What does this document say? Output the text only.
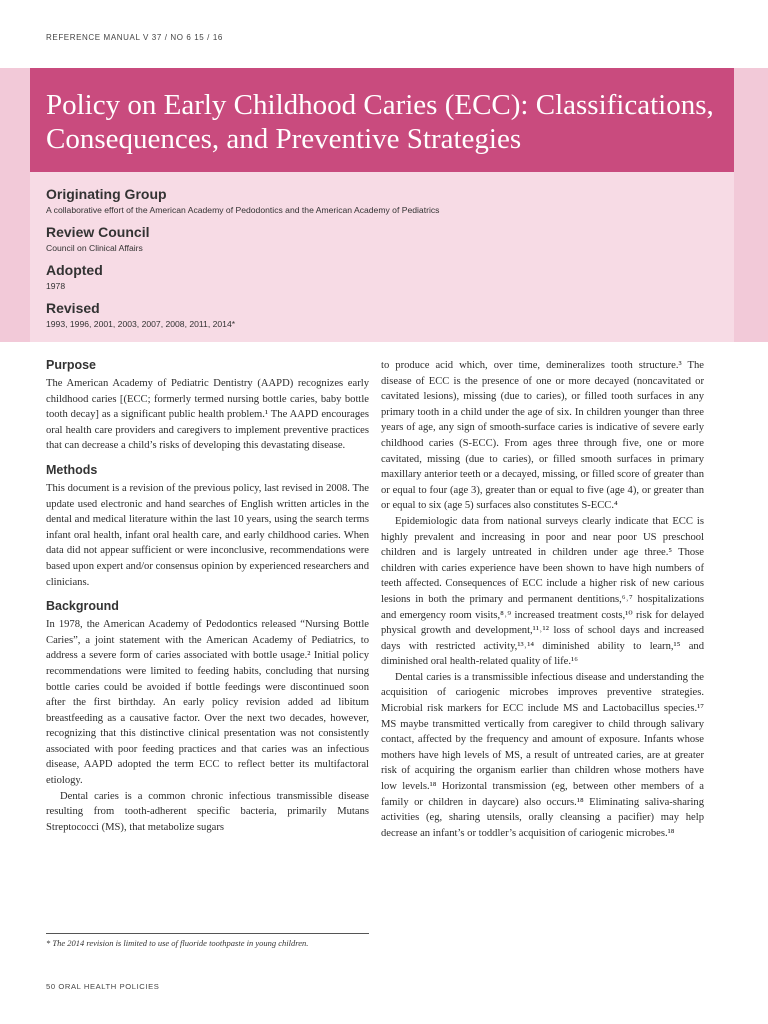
REFERENCE MANUAL V 37 / NO 6 15 / 16
Policy on Early Childhood Caries (ECC): Classifications, Consequences, and Preventive Strategies
Originating Group
A collaborative effort of the American Academy of Pedodontics and the American Academy of Pediatrics
Review Council
Council on Clinical Affairs
Adopted
1978
Revised
1993, 1996, 2001, 2003, 2007, 2008, 2011, 2014*
Purpose

The American Academy of Pediatric Dentistry (AAPD) recognizes early childhood caries [(ECC; formerly termed nursing bottle caries, baby bottle tooth decay] as a significant public health problem.¹ The AAPD encourages oral health care providers and caregivers to implement preventive practices that can decrease a child’s risks of developing this devastating disease.

Methods

This document is a revision of the previous policy, last revised in 2008. The update used electronic and hand searches of English written articles in the dental and medical literature within the last 10 years, using the search terms infant oral health, infant oral health care, and early childhood caries. When data did not appear sufficient or were inconclusive, recommendations were based upon expert and/or consensus opinion by experienced researchers and clinicians.

Background

In 1978, the American Academy of Pedodontics released “Nursing Bottle Caries”, a joint statement with the American Academy of Pediatrics, to address a severe form of caries associated with bottle usage.² Initial policy recommendations were limited to feeding habits, concluding that nursing bottle caries could be avoided if bottle feedings were discontinued soon after the first birthday. An early policy revision added ad libitum breastfeeding as a causative factor. Over the next two decades, however, recognizing that this distinctive clinical presentation was not consistently associated with poor feeding practices and that caries was an infectious disease, AAPD adopted the term ECC to reflect better its multifactoral etiology.

Dental caries is a common chronic infectious transmissible disease resulting from tooth-adherent specific bacteria, primarily Mutans Streptococci (MS), that metabolize sugars

to produce acid which, over time, demineralizes tooth structure.³ The disease of ECC is the presence of one or more decayed (noncavitated or cavitated lesions), missing (due to caries), or filled tooth surfaces in any primary tooth in a child under the age of six. In children younger than three years of age, any sign of smooth-surface caries is indicative of severe early childhood caries (S-ECC). From ages three through five, one or more cavitated, missing (due to caries), or filled smooth surfaces in primary maxillary anterior teeth or a decayed, missing, or filled score of greater than or equal to four (age 3), greater than or equal to five (age 4), or greater than or equal to six (age 5) surfaces also constitutes S-ECC.⁴

Epidemiologic data from national surveys clearly indicate that ECC is highly prevalent and increasing in poor and near poor US preschool children and is largely untreated in children under age three.⁵ Those children with caries experience have been shown to have high numbers of teeth affected. Consequences of ECC include a higher risk of new carious lesions in both the primary and permanent dentitions,⁶˒⁷ hospitalizations and emergency room visits,⁸˒⁹ increased treatment costs,¹⁰ risk for delayed physical growth and development,¹¹˒¹² loss of school days and increased days with restricted activity,¹³˒¹⁴ diminished ability to learn,¹⁵ and diminished oral health-related quality of life.¹⁶

Dental caries is a transmissible infectious disease and understanding the acquisition of cariogenic microbes improves preventive strategies. Microbial risk markers for ECC include MS and Lactobacillus species.¹⁷ MS maybe transmitted vertically from caregiver to child through salivary contact, affected by the frequency and amount of exposure. Infants whose mothers have high levels of MS, a result of untreated caries, are at greater risk of acquiring the organism earlier than children whose mothers have low levels.¹⁸ Horizontal transmission (eg, between other members of a family or children in daycare) also occurs.¹⁸ Eliminating saliva-sharing activities (eg, sharing utensils, orally cleansing a pacifier) may help decrease an infant’s or toddler’s acquisition of cariogenic microbes.¹⁸

* The 2014 revision is limited to use of fluoride toothpaste in young children.
50 ORAL HEALTH POLICIES
